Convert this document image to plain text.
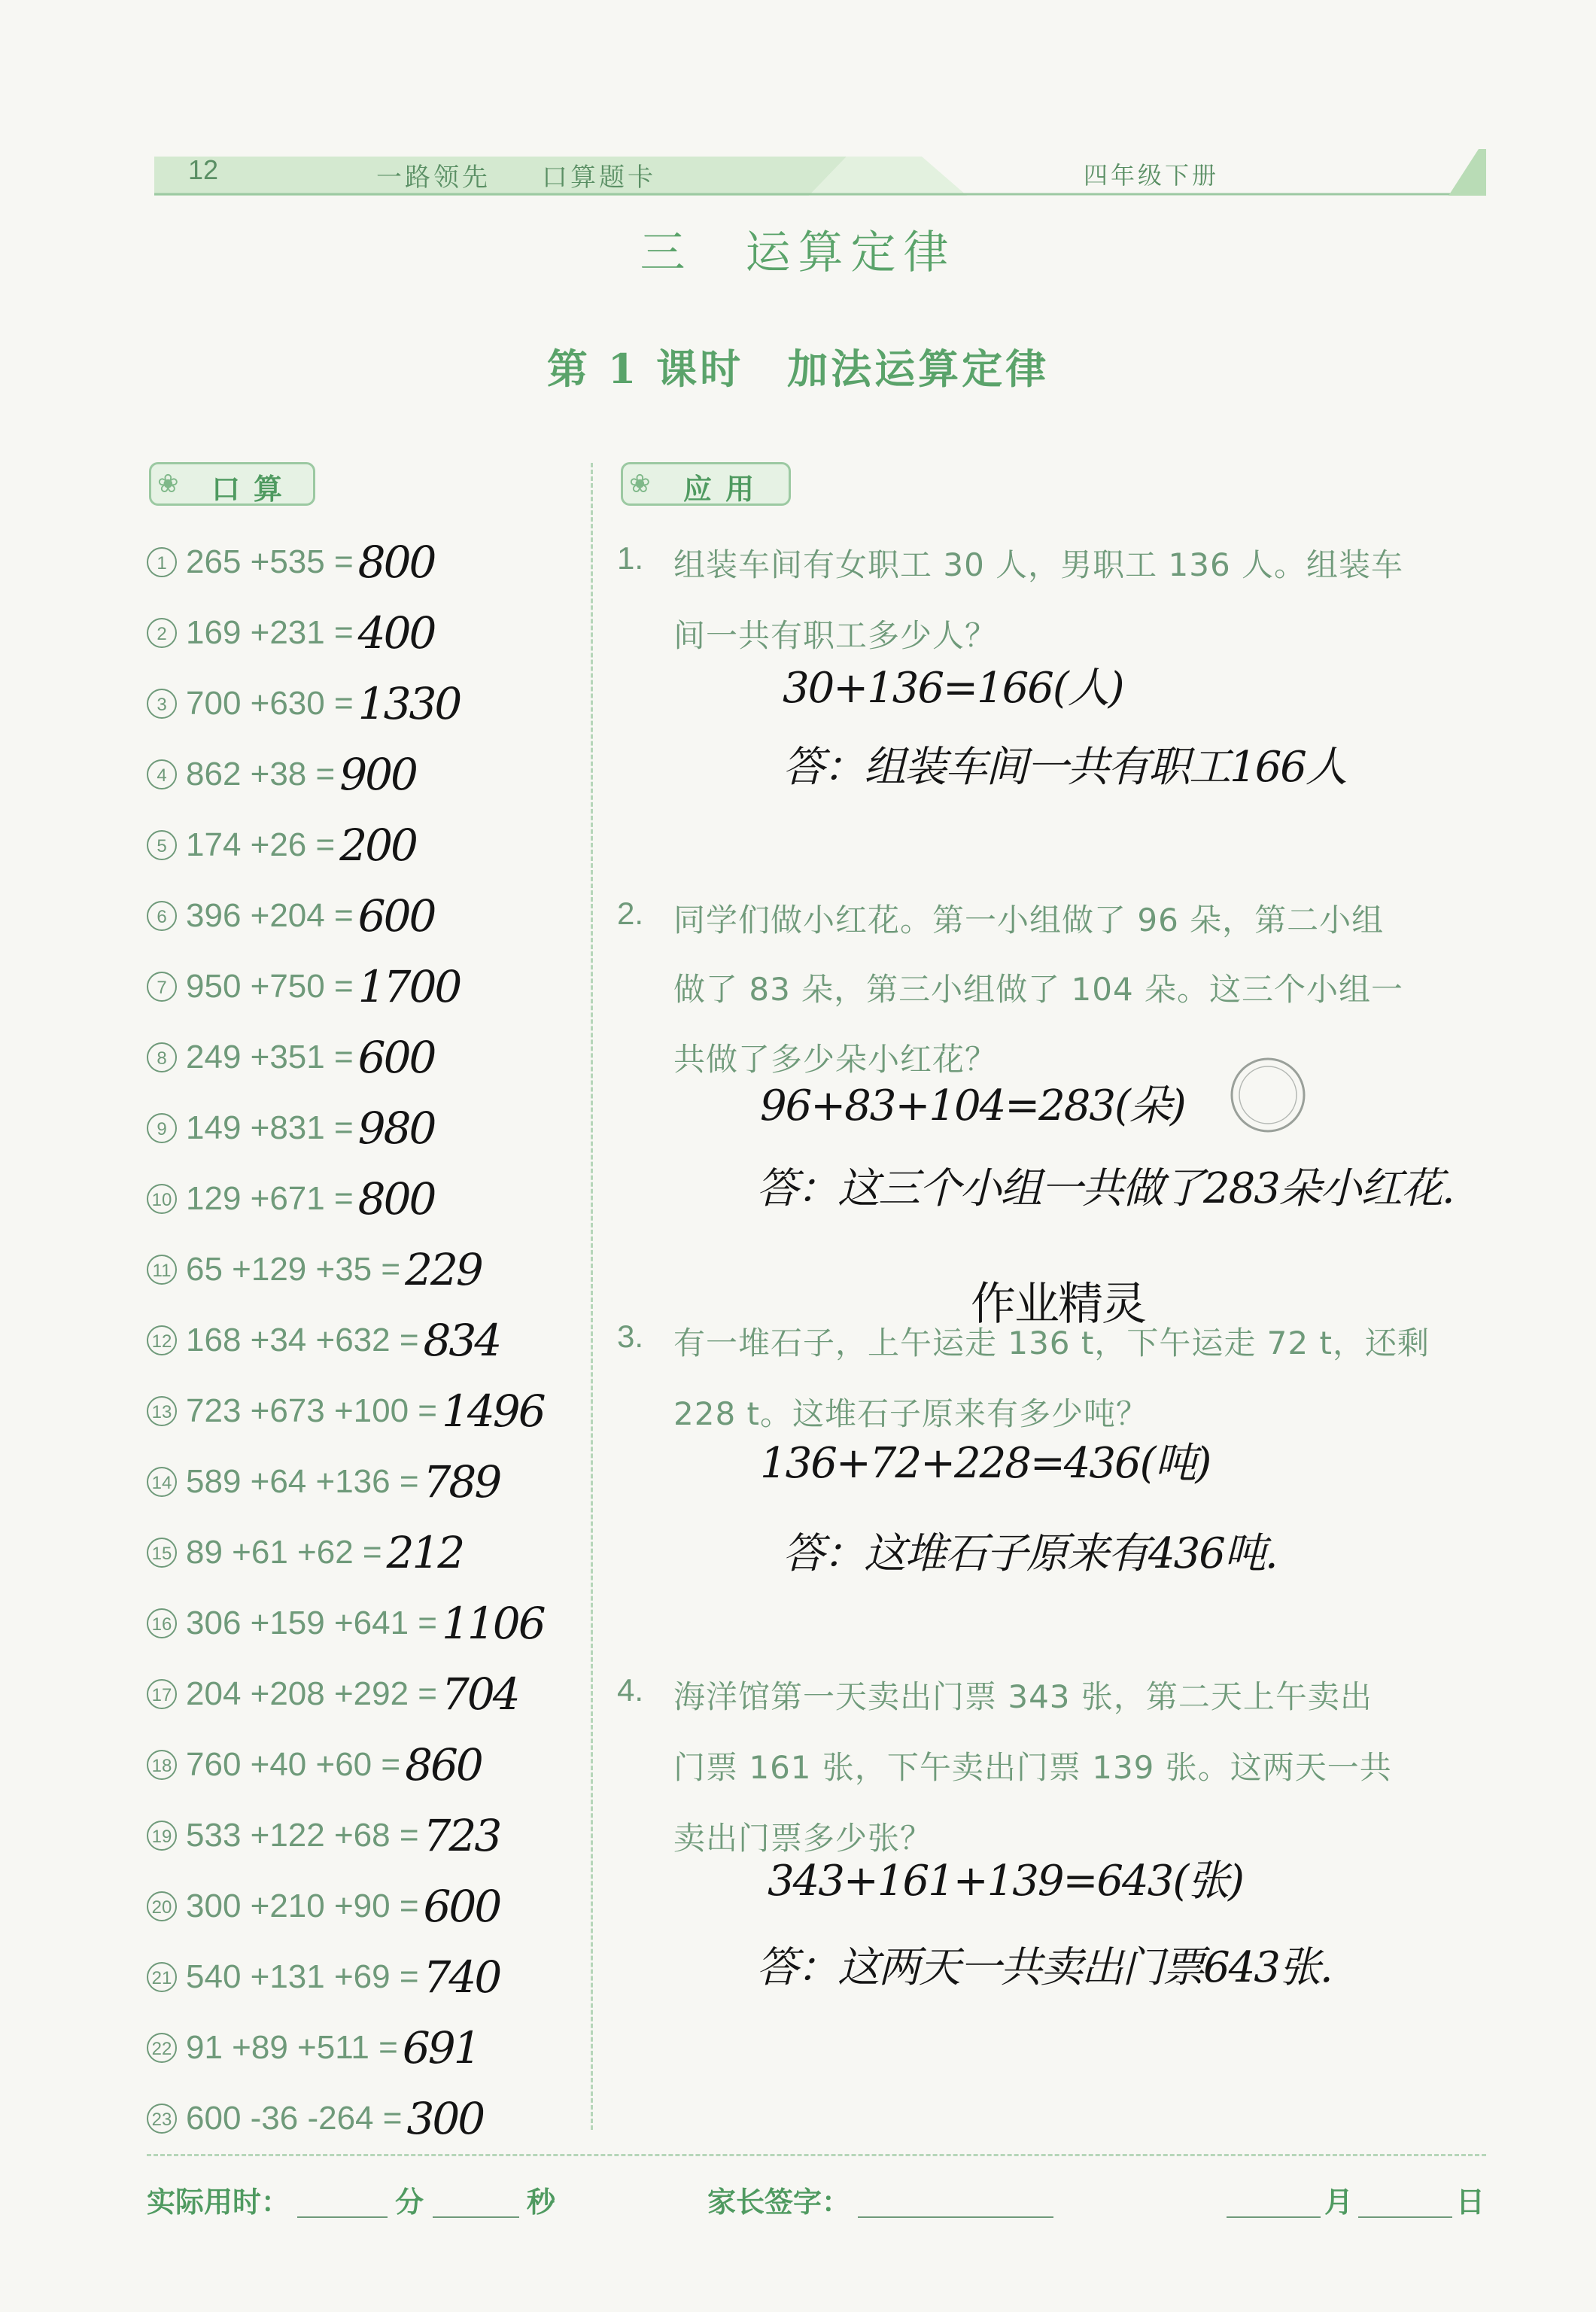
12	一路领先 口算题卡	四年级下册
三　运算定律
第 1 课时　加法运算定律
❀ 口算	❀ 应用
1 265 +535 = 800
2 169 +231 = 400
3 700 +630 = 1330
4 862 +38 = 900
5 174 +26 = 200
6 396 +204 = 600
7 950 +750 = 1700
8 249 +351 = 600
9 149 +831 = 980
10 129 +671 = 800
11 65 +129 +35 = 229
12 168 +34 +632 = 834
13 723 +673 +100 = 1496
14 589 +64 +136 = 789
15 89 +61 +62 = 212
16 306 +159 +641 = 1106
17 204 +208 +292 = 704
18 760 +40 +60 = 860
19 533 +122 +68 = 723
20 300 +210 +90 = 600
21 540 +131 +69 = 740
22 91 +89 +511 = 691
23 600 -36 -264 = 300
1. 组装车间有女职工 30 人，男职工 136 人。组装车
间一共有职工多少人？
30+136=166(人)
答：组装车间一共有职工166人
2. 同学们做小红花。第一小组做了 96 朵，第二小组
做了 83 朵，第三小组做了 104 朵。这三个小组一
共做了多少朵小红花？
96+83+104=283(朵)
答：这三个小组一共做了283朵小红花.
作业精灵
3. 有一堆石子，上午运走 136 t，下午运走 72 t，还剩
228 t。这堆石子原来有多少吨？
136+72+228=436(吨)
答：这堆石子原来有436吨.
4. 海洋馆第一天卖出门票 343 张，第二天上午卖出
门票 161 张，下午卖出门票 139 张。这两天一共
卖出门票多少张？
343+161+139=643(张)
答：这两天一共卖出门票643张.
实际用时：	分	秒	家长签字：	月	日
